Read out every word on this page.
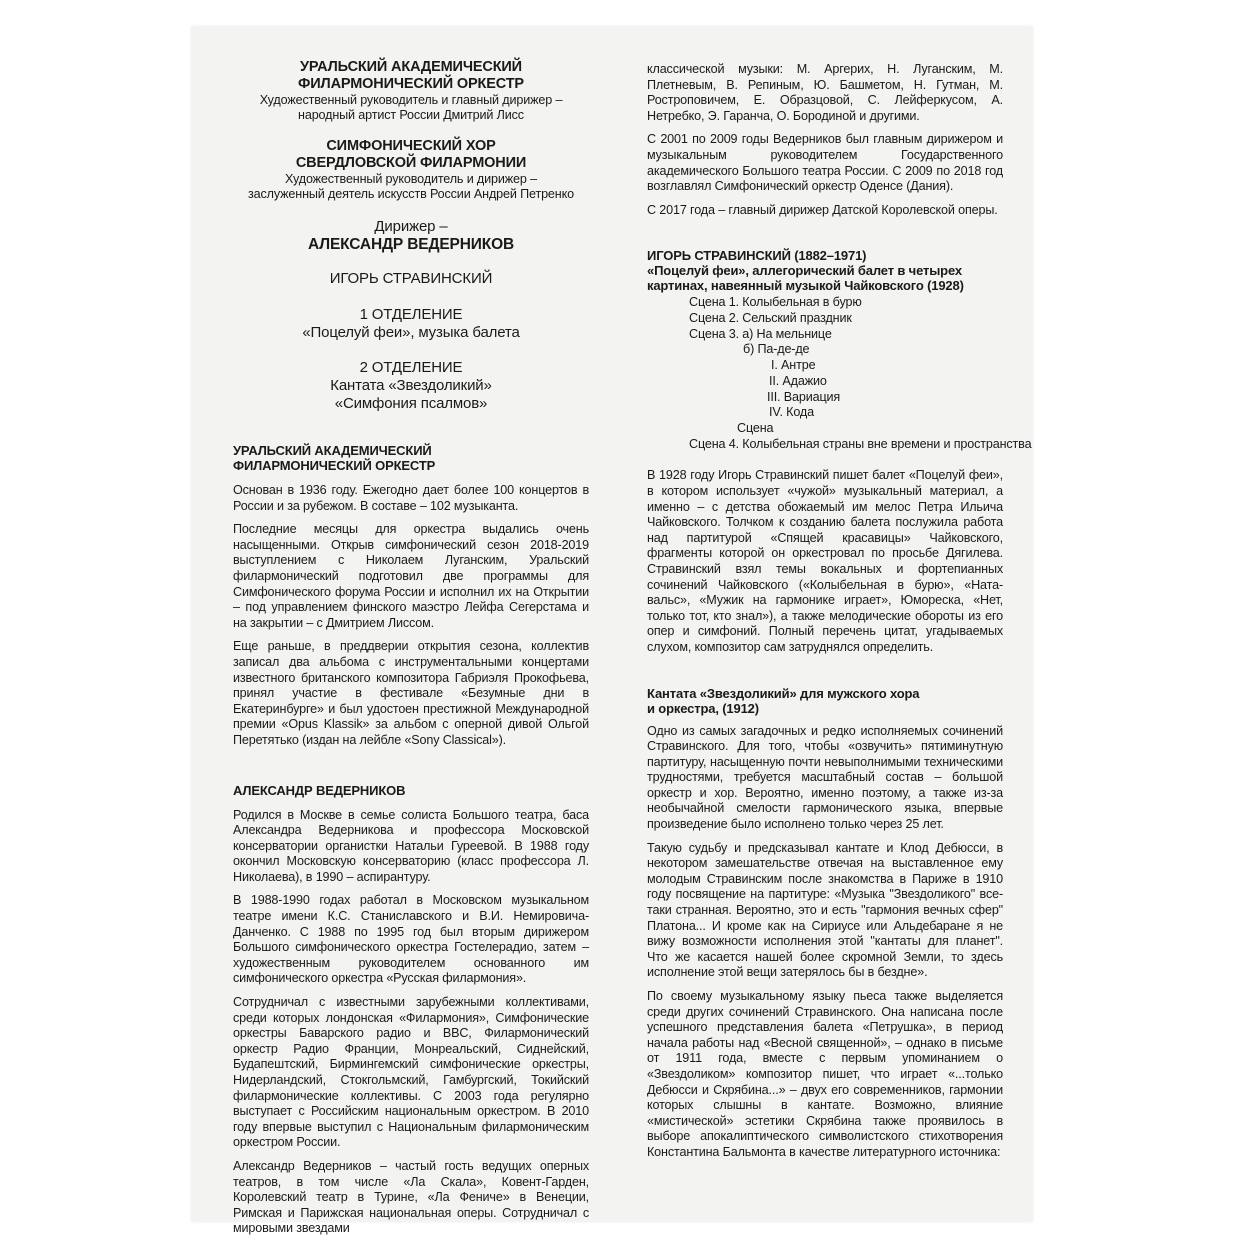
УРАЛЬСКИЙ АКАДЕМИЧЕСКИЙ

ФИЛАРМОНИЧЕСКИЙ ОРКЕСТР

Художественный руководитель и главный дирижер –

народный артист России Дмитрий Лисс

СИМФОНИЧЕСКИЙ ХОР

СВЕРДЛОВСКОЙ ФИЛАРМОНИИ

Художественный руководитель и дирижер –

заслуженный деятель искусств России Андрей Петренко

Дирижер –

АЛЕКСАНДР ВЕДЕРНИКОВ

ИГОРЬ СТРАВИНСКИЙ

1 ОТДЕЛЕНИЕ

«Поцелуй феи», музыка балета

2 ОТДЕЛЕНИЕ

Кантата «Звездоликий»

«Симфония псалмов»

УРАЛЬСКИЙ АКАДЕМИЧЕСКИЙ

ФИЛАРМОНИЧЕСКИЙ ОРКЕСТР

Основан в 1936 году. Ежегодно дает более 100 концертов в России и за рубежом. В составе – 102 музыканта.

Последние месяцы для оркестра выдались очень насыщенными. Открыв симфонический сезон 2018-2019 выступлением с Николаем Луганским, Уральский филармонический подготовил две программы для Симфонического форума России и исполнил их на Открытии – под управлением финского маэстро Лейфа Сегерстама и на закрытии – с Дмитрием Лиссом.

Еще раньше, в преддверии открытия сезона, коллектив записал два альбома с инструментальными концертами известного британского композитора Габриэля Прокофьева, принял участие в фестивале «Безумные дни в Екатеринбурге» и был удостоен престижной Международной премии «Opus Klassik» за альбом с оперной дивой Ольгой Перетятько (издан на лейбле «Sony Classical»).

АЛЕКСАНДР ВЕДЕРНИКОВ

Родился в Москве в семье солиста Большого театра, баса Александра Ведерникова и профессора Московской консерватории органистки Натальи Гуреевой. В 1988 году окончил Московскую консерваторию (класс профессора Л. Николаева), в 1990 – аспирантуру.

В 1988-1990 годах работал в Московском музыкальном театре имени К.С. Станиславского и В.И. Немировича-Данченко. С 1988 по 1995 год был вторым дирижером Большого симфонического оркестра Гостелерадио, затем – художественным руководителем основанного им симфонического оркестра «Русская филармония».

Сотрудничал с известными зарубежными коллективами, среди которых лондонская «Филармония», Симфонические оркестры Баварского радио и BBC, Филармонический оркестр Радио Франции, Монреальский, Сиднейский, Будапештский, Бирмингемский симфонические оркестры, Нидерландский, Стокгольмский, Гамбургский, Токийский филармонические коллективы. С 2003 года регулярно выступает с Российским национальным оркестром. В 2010 году впервые выступил с Национальным филармоническим оркестром России.

Александр Ведерников – частый гость ведущих оперных театров, в том числе «Ла Скала», Ковент-Гарден, Королевский театр в Турине, «Ла Фениче» в Венеции, Римская и Парижская национальная оперы. Сотрудничал с мировыми звездами

классической музыки: М. Аргерих, Н. Луганским, М. Плетневым, В. Репиным, Ю. Башметом, Н. Гутман, М. Ростроповичем, Е. Образцовой, С. Лейферкусом, А. Нетребко, Э. Гаранча, О. Бородиной и другими.

С 2001 по 2009 годы Ведерников был главным дирижером и музыкальным руководителем Государственного академического Большого театра России. С 2009 по 2018 год возглавлял Симфонический оркестр Оденсе (Дания).

С 2017 года – главный дирижер Датской Королевской оперы.

ИГОРЬ СТРАВИНСКИЙ (1882–1971)

«Поцелуй феи», аллегорический балет в четырех

картинах, навеянный музыкой Чайковского (1928)

Сцена 1. Колыбельная в бурю

Сцена 2. Сельский праздник

Сцена 3. а) На мельнице

б) Па-де-де

I. Антре

II. Адажио

III. Вариация

IV. Кода

Сцена

Сцена 4. Колыбельная страны вне времени и пространства

В 1928 году Игорь Стравинский пишет балет «Поцелуй феи», в котором использует «чужой» музыкальный материал, а именно – с детства обожаемый им мелос Петра Ильича Чайковского. Толчком к созданию балета послужила работа над партитурой «Спящей красавицы» Чайковского, фрагменты которой он оркестровал по просьбе Дягилева. Стравинский взял темы вокальных и фортепианных сочинений Чайковского («Колыбельная в бурю», «Ната-вальс», «Мужик на гармонике играет», Юмореска, «Нет, только тот, кто знал»), а также мелодические обороты из его опер и симфоний. Полный перечень цитат, угадываемых слухом, композитор сам затруднялся определить.

Кантата «Звездоликий» для мужского хора

и оркестра, (1912)

Одно из самых загадочных и редко исполняемых сочинений Стравинского. Для того, чтобы «озвучить» пятиминутную партитуру, насыщенную почти невыполнимыми техническими трудностями, требуется масштабный состав – большой оркестр и хор. Вероятно, именно поэтому, а также из-за необычайной смелости гармонического языка, впервые произведение было исполнено только через 25 лет.

Такую судьбу и предсказывал кантате и Клод Дебюсси, в некотором замешательстве отвечая на выставленное ему молодым Стравинским после знакомства в Париже в 1910 году посвящение на партитуре: «Музыка "Звездоликого" все-таки странная. Вероятно, это и есть "гармония вечных сфер" Платона... И кроме как на Сириусе или Альдебаране я не вижу возможности исполнения этой "кантаты для планет". Что же касается нашей более скромной Земли, то здесь исполнение этой вещи затерялось бы в бездне».

По своему музыкальному языку пьеса также выделяется среди других сочинений Стравинского. Она написана после успешного представления балета «Петрушка», в период начала работы над «Весной священной», – однако в письме от 1911 года, вместе с первым упоминанием о «Звездоликом» композитор пишет, что играет «...только Дебюсси и Скрябина...» – двух его современников, гармонии которых слышны в кантате. Возможно, влияние «мистической» эстетики Скрябина также проявилось в выборе апокалиптического символистского стихотворения Константина Бальмонта в качестве литературного источника:
